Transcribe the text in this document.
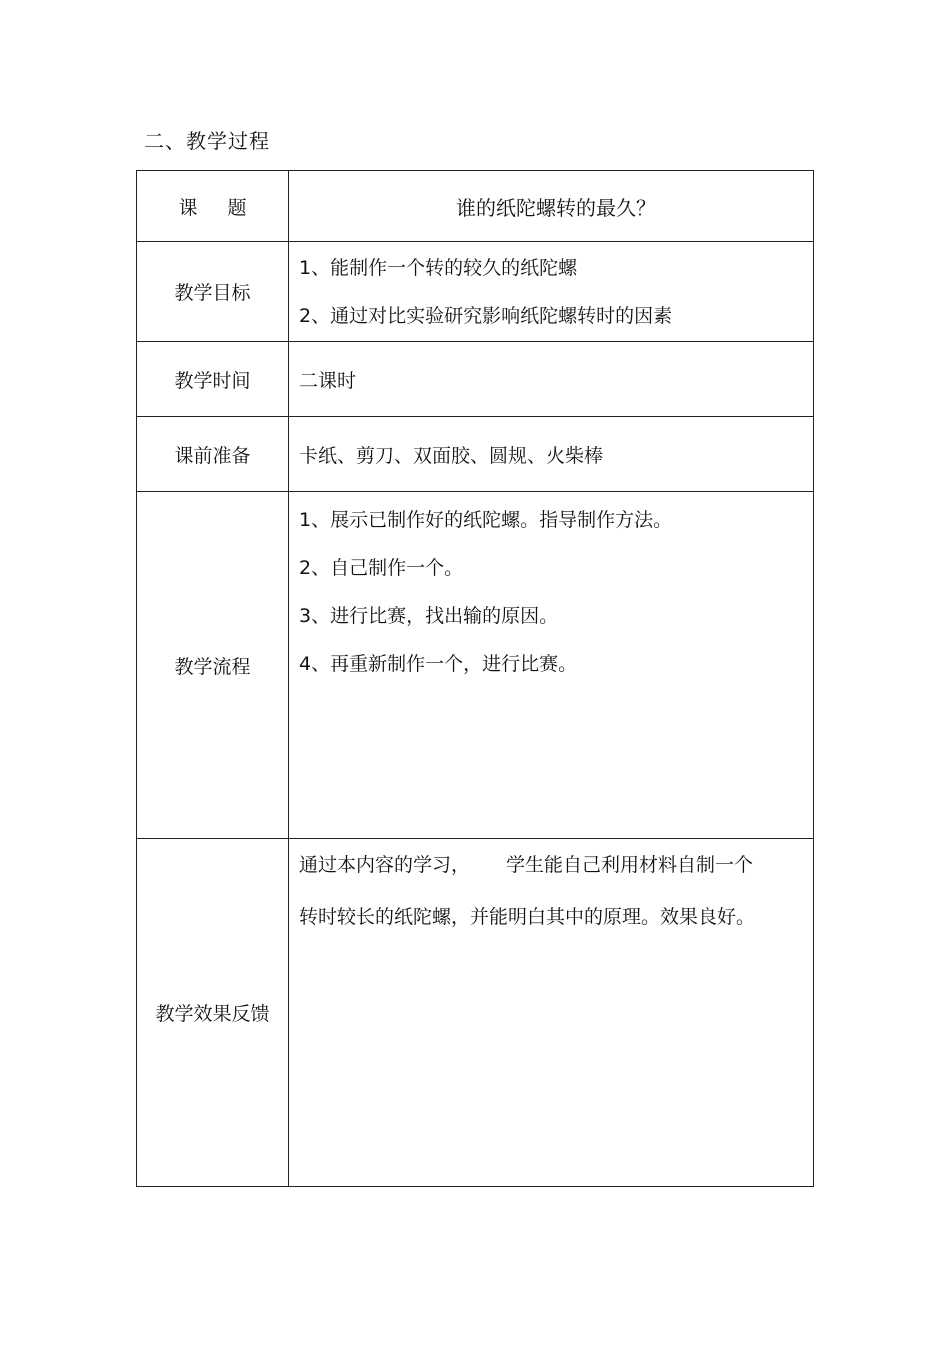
二、教学过程
课题	谁的纸陀螺转的最久？
教学目标	1、能制作一个转的较久的纸陀螺
2、通过对比实验研究影响纸陀螺转时的因素

教学时间	二课时
课前准备	卡纸、剪刀、双面胶、圆规、火柴棒
教学流程	1、展示已制作好的纸陀螺。指导制作方法。
2、自己制作一个。
3、进行比赛，找出输的原因。
4、再重新制作一个，进行比赛。

教学效果反馈	通过本内容的学习， 学生能自己利用材料自制一个转时较长的纸陀螺，并能明白其中的原理。效果良好。
